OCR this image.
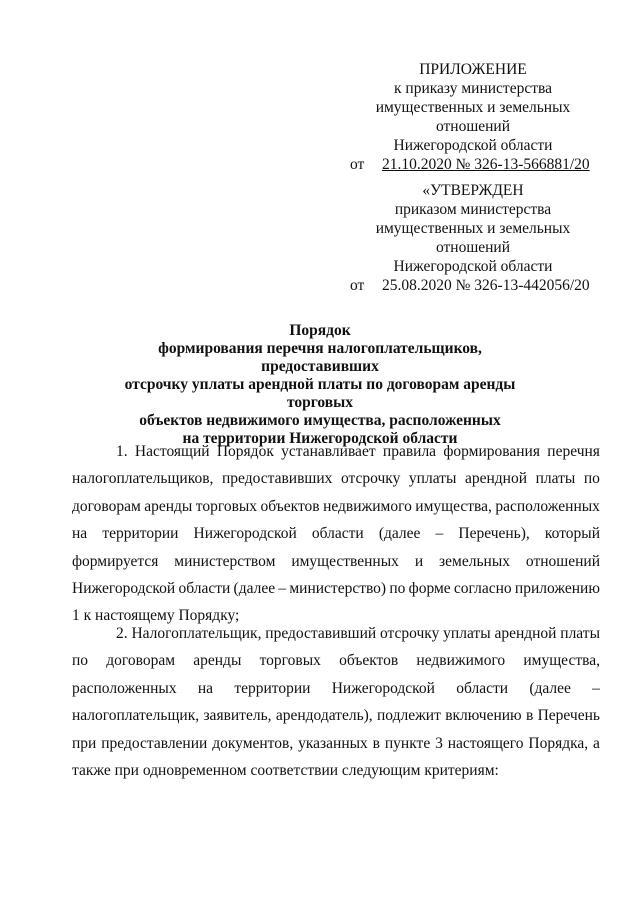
ПРИЛОЖЕНИЕ
к приказу министерства
имущественных и земельных
отношений
Нижегородской области
от 21.10.2020 № 326-13-566881/20
«УТВЕРЖДЕН
приказом министерства
имущественных и земельных
отношений
Нижегородской области
от 25.08.2020 № 326-13-442056/20
Порядок
формирования перечня налогоплательщиков, предоставивших
отсрочку уплаты арендной платы по договорам аренды торговых
объектов недвижимого имущества, расположенных
на территории Нижегородской области
1. Настоящий Порядок устанавливает правила формирования перечня
налогоплательщиков, предоставивших отсрочку уплаты арендной платы по
договорам аренды торговых объектов недвижимого имущества, расположенных
на территории Нижегородской области (далее – Перечень), который
формируется министерством имущественных и земельных отношений
Нижегородской области (далее – министерство) по форме согласно приложению
1 к настоящему Порядку;
2. Налогоплательщик, предоставивший отсрочку уплаты арендной платы
по договорам аренды торговых объектов недвижимого имущества,
расположенных на территории Нижегородской области (далее –
налогоплательщик, заявитель, арендодатель), подлежит включению в Перечень
при предоставлении документов, указанных в пункте 3 настоящего Порядка, а
также при одновременном соответствии следующим критериям:
